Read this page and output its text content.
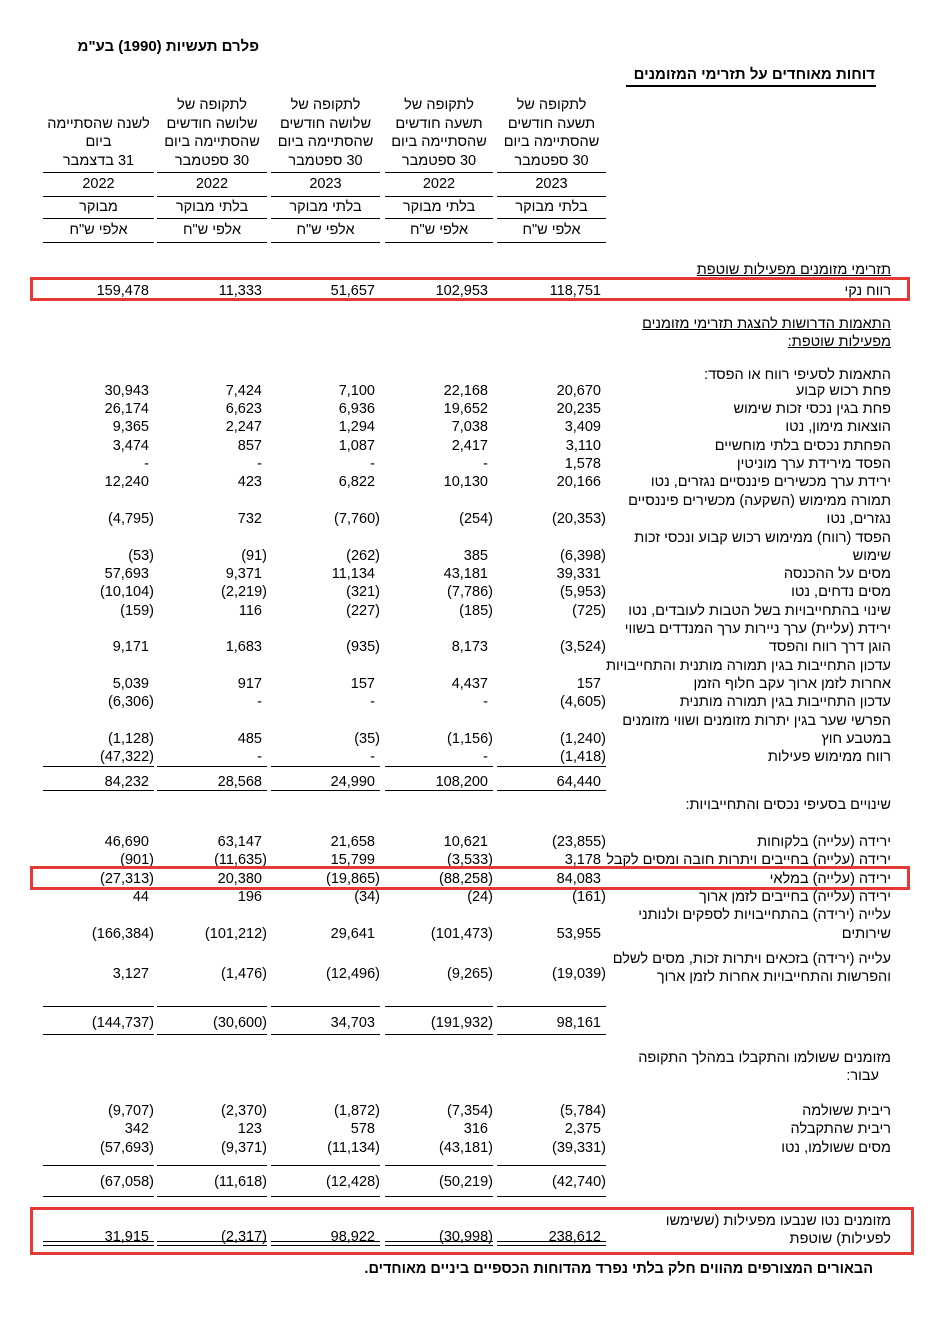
פלרם תעשיות (1990) בע"מ
דוחות מאוחדים על תזרימי המזומנים
לתקופה של
תשעה חודשים
שהסתיימה ביום
30 ספטמבר
2023
בלתי מבוקר
אלפי ש"ח
לתקופה של
תשעה חודשים
שהסתיימה ביום
30 ספטמבר
2022
בלתי מבוקר
אלפי ש"ח
לתקופה של
שלושה חודשים
שהסתיימה ביום
30 ספטמבר
2023
בלתי מבוקר
אלפי ש"ח
לתקופה של
שלושה חודשים
שהסתיימה ביום
30 ספטמבר
2022
בלתי מבוקר
אלפי ש"ח
לשנה שהסתיימה
ביום
31 בדצמבר
2022
מבוקר
אלפי ש"ח
תזרימי מזומנים מפעילות שוטפת
התאמות הדרושות להצגת תזרימי מזומנים
מפעילות שוטפת:
התאמות לסעיפי רווח או הפסד:
שינויים בסעיפי נכסים והתחייבויות:
מזומנים ששולמו והתקבלו במהלך התקופה
עבור:
רווח נקי
פחת רכוש קבוע
פחת בגין נכסי זכות שימוש
הוצאות מימון, נטו
הפחתת נכסים בלתי מוחשיים
הפסד מירידת ערך מוניטין
ירידת ערך מכשירים פיננסיים נגזרים, נטו
תמורה ממימוש (השקעה) מכשירים פיננסיים
נגזרים, נטו
הפסד (רווח) ממימוש רכוש קבוע ונכסי זכות
שימוש
מסים על ההכנסה
מסים נדחים, נטו
שינוי בהתחייבויות בשל הטבות לעובדים, נטו
ירידת (עליית) ערך ניירות ערך המנדדים בשווי
הוגן דרך רווח והפסד
עדכון התחייבות בגין תמורה מותנית והתחייבויות
אחרות לזמן ארוך עקב חלוף הזמן
עדכון התחייבות בגין תמורה מותנית
הפרשי שער בגין יתרות מזומנים ושווי מזומנים
במטבע חוץ
רווח ממימוש פעילות
ירידה (עלייה) בלקוחות
ירידה (עלייה) בחייבים ויתרות חובה ומסים לקבל
ירידה (עלייה) במלאי
ירידה (עלייה) בחייבים לזמן ארוך
עלייה (ירידה) בהתחייבויות לספקים ולנותני
שירותים
עלייה (ירידה) בזכאים ויתרות זכות, מסים לשלם
והפרשות והתחייבויות אחרות לזמן ארוך
ריבית ששולמה
ריבית שהתקבלה
מסים ששולמו, נטו
מזומנים נטו שנבעו מפעילות (ששימשו
לפעילות) שוטפת
118,751
102,953
51,657
11,333
159,478
20,670
22,168
7,100
7,424
30,943
20,235
19,652
6,936
6,623
26,174
3,409
7,038
1,294
2,247
9,365
3,110
2,417
1,087
857
3,474
1,578
-
-
-
-
20,166
10,130
6,822
423
12,240
(20,353)
(254)
(7,760)
732
(4,795)
(6,398)
385
(262)
(91)
(53)
39,331
43,181
11,134
9,371
57,693
(5,953)
(7,786)
(321)
(2,219)
(10,104)
(725)
(185)
(227)
116
(159)
(3,524)
8,173
(935)
1,683
9,171
157
4,437
157
917
5,039
(4,605)
-
-
-
(6,306)
(1,240)
(1,156)
(35)
485
(1,128)
(1,418)
-
-
-
(47,322)
64,440
108,200
24,990
28,568
84,232
(23,855)
10,621
21,658
63,147
46,690
3,178
(3,533)
15,799
(11,635)
(901)
84,083
(88,258)
(19,865)
20,380
(27,313)
(161)
(24)
(34)
196
44
53,955
(101,473)
29,641
(101,212)
(166,384)
(19,039)
(9,265)
(12,496)
(1,476)
3,127
98,161
(191,932)
34,703
(30,600)
(144,737)
(5,784)
(7,354)
(1,872)
(2,370)
(9,707)
2,375
316
578
123
342
(39,331)
(43,181)
(11,134)
(9,371)
(57,693)
(42,740)
(50,219)
(12,428)
(11,618)
(67,058)
238,612
(30,998)
98,922
(2,317)
31,915
הבאורים המצורפים מהווים חלק בלתי נפרד מהדוחות הכספיים ביניים מאוחדים.
